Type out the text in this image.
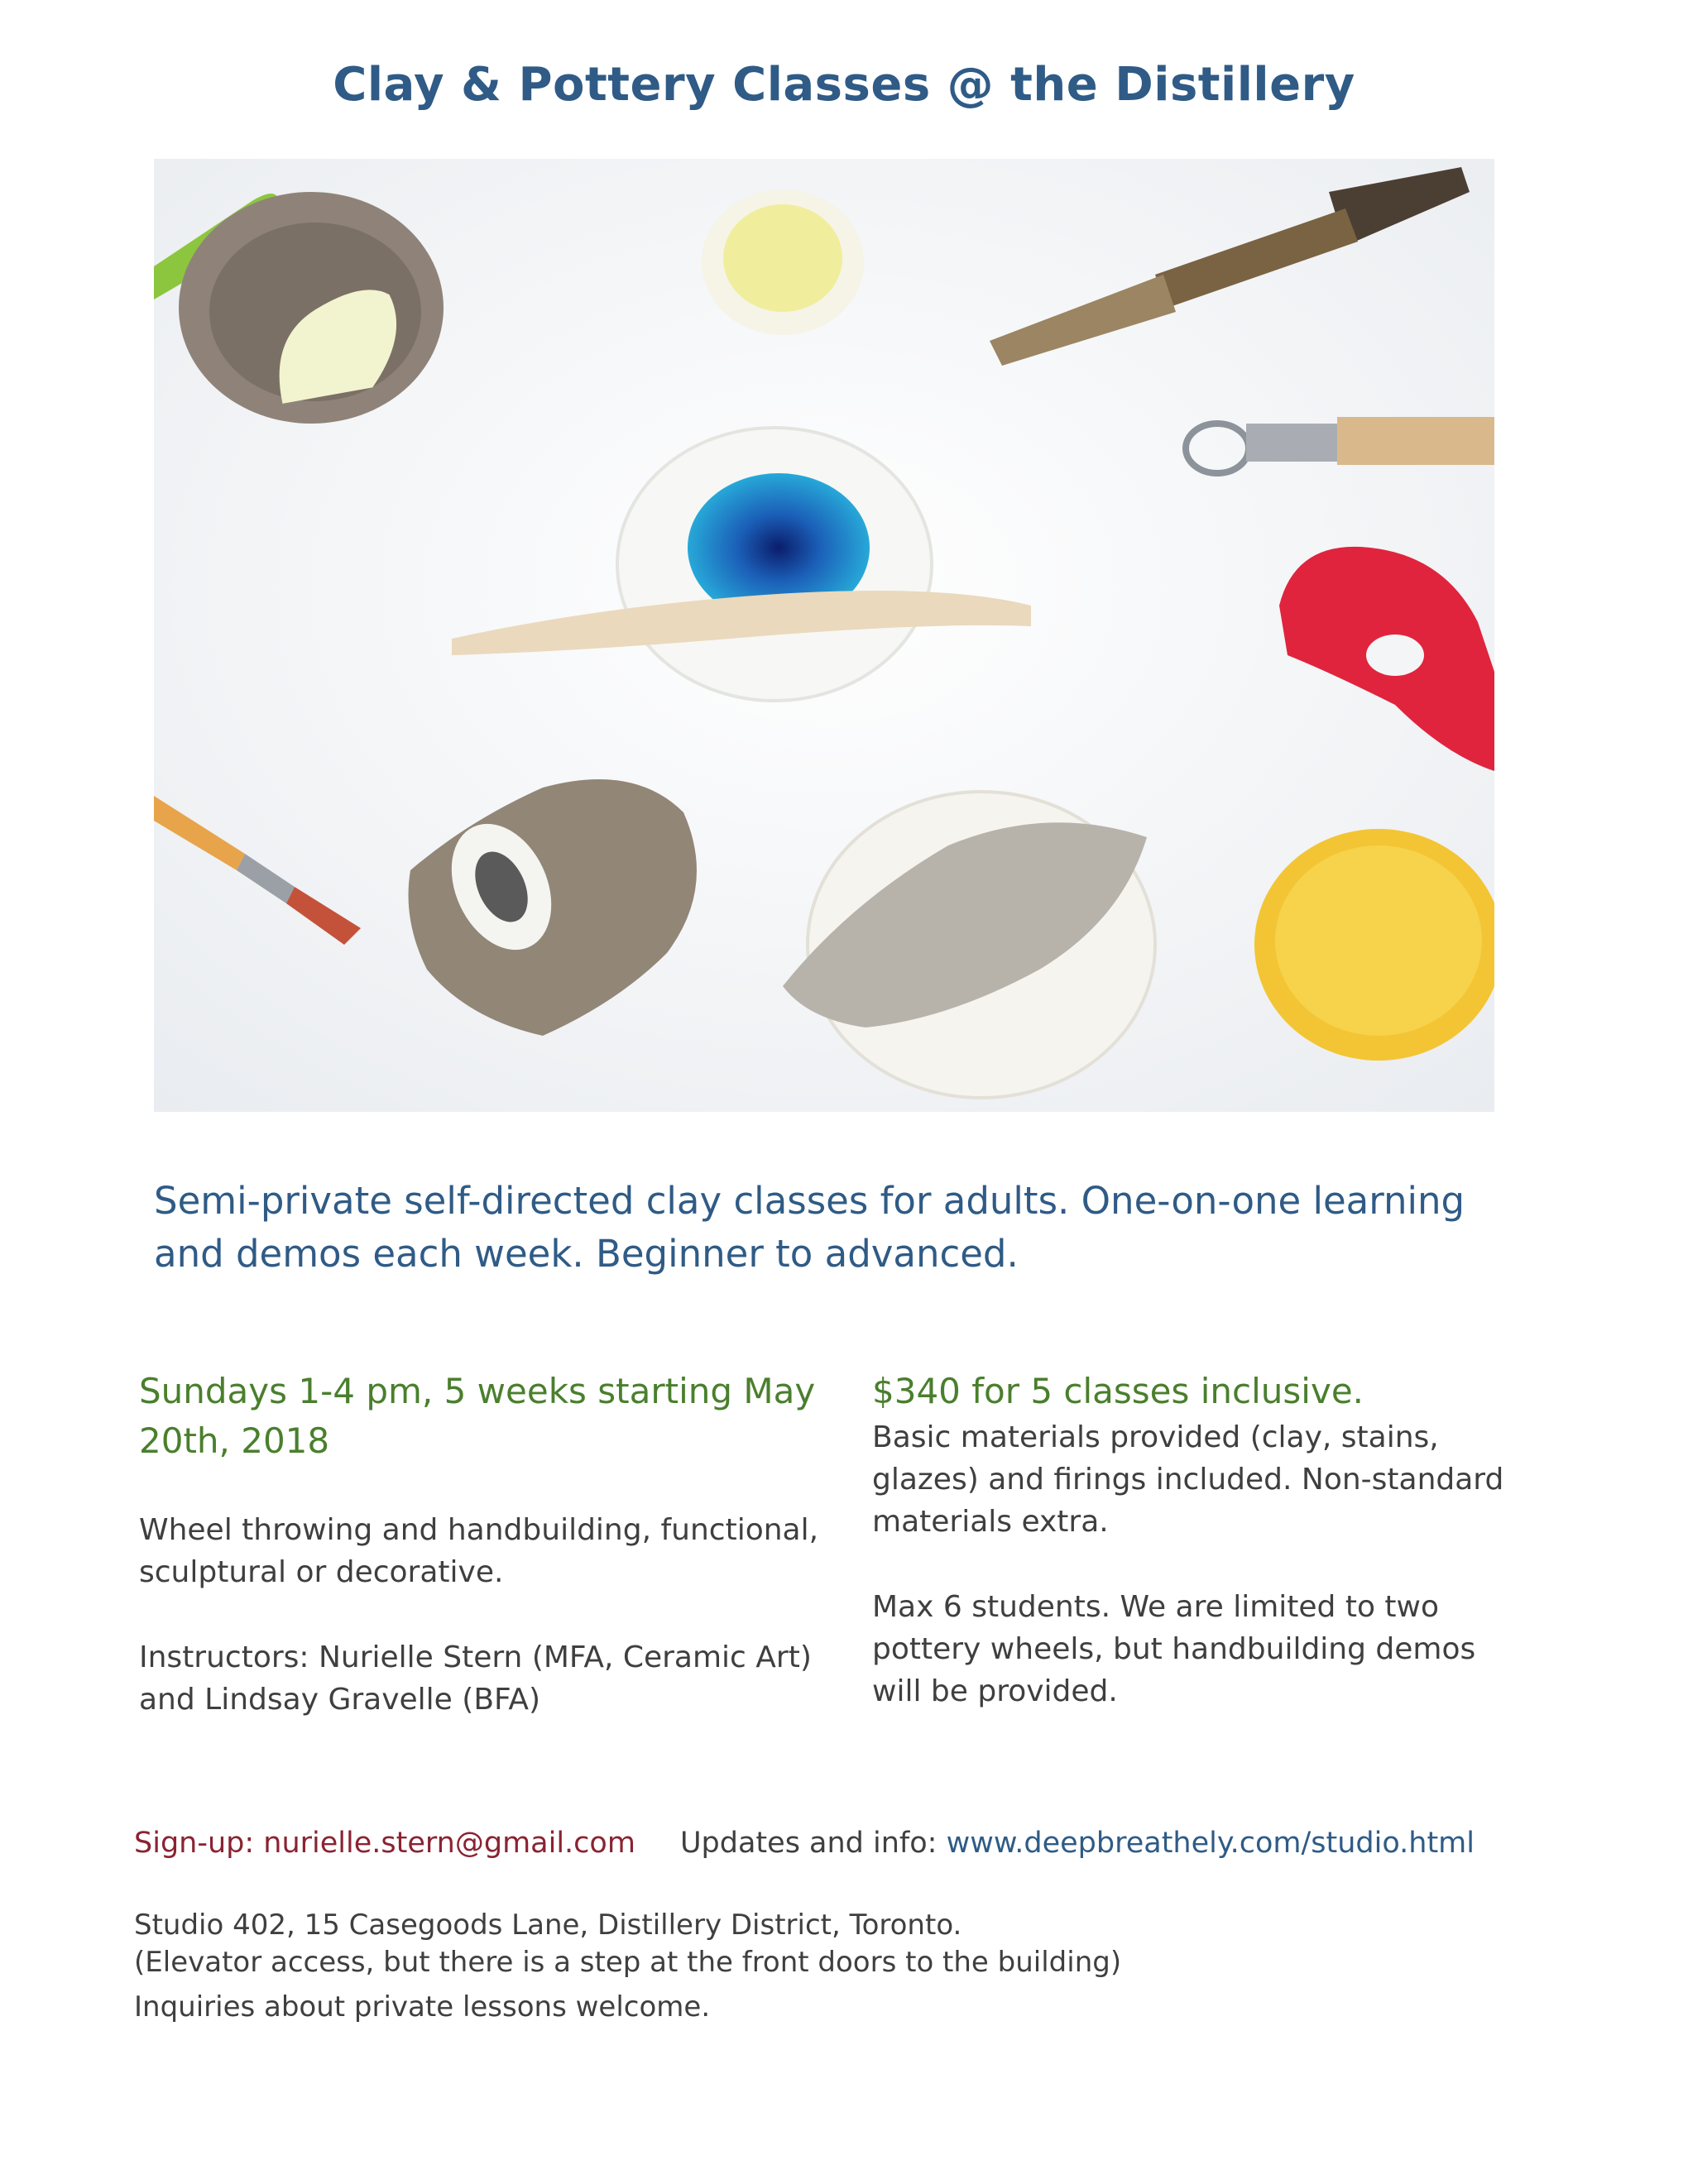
Clay & Pottery Classes @ the Distillery

Semi-private self-directed clay classes for adults. One-on-one learning and demos each week. Beginner to advanced.

Sundays 1-4 pm, 5 weeks starting May 20th, 2018

Wheel throwing and handbuilding, functional, sculptural or decorative.

Instructors: Nurielle Stern (MFA, Ceramic Art) and Lindsay Gravelle (BFA)

$340 for 5 classes inclusive.

Basic materials provided (clay, stains, glazes) and firings included. Non-standard materials extra.

Max 6 students. We are limited to two pottery wheels, but handbuilding demos will be provided.

Sign-up: nurielle.stern@gmail.com Updates and info: www.deepbreathely.com/studio.html

Studio 402, 15 Casegoods Lane, Distillery District, Toronto.
(Elevator access, but there is a step at the front doors to the building)

Inquiries about private lessons welcome.
